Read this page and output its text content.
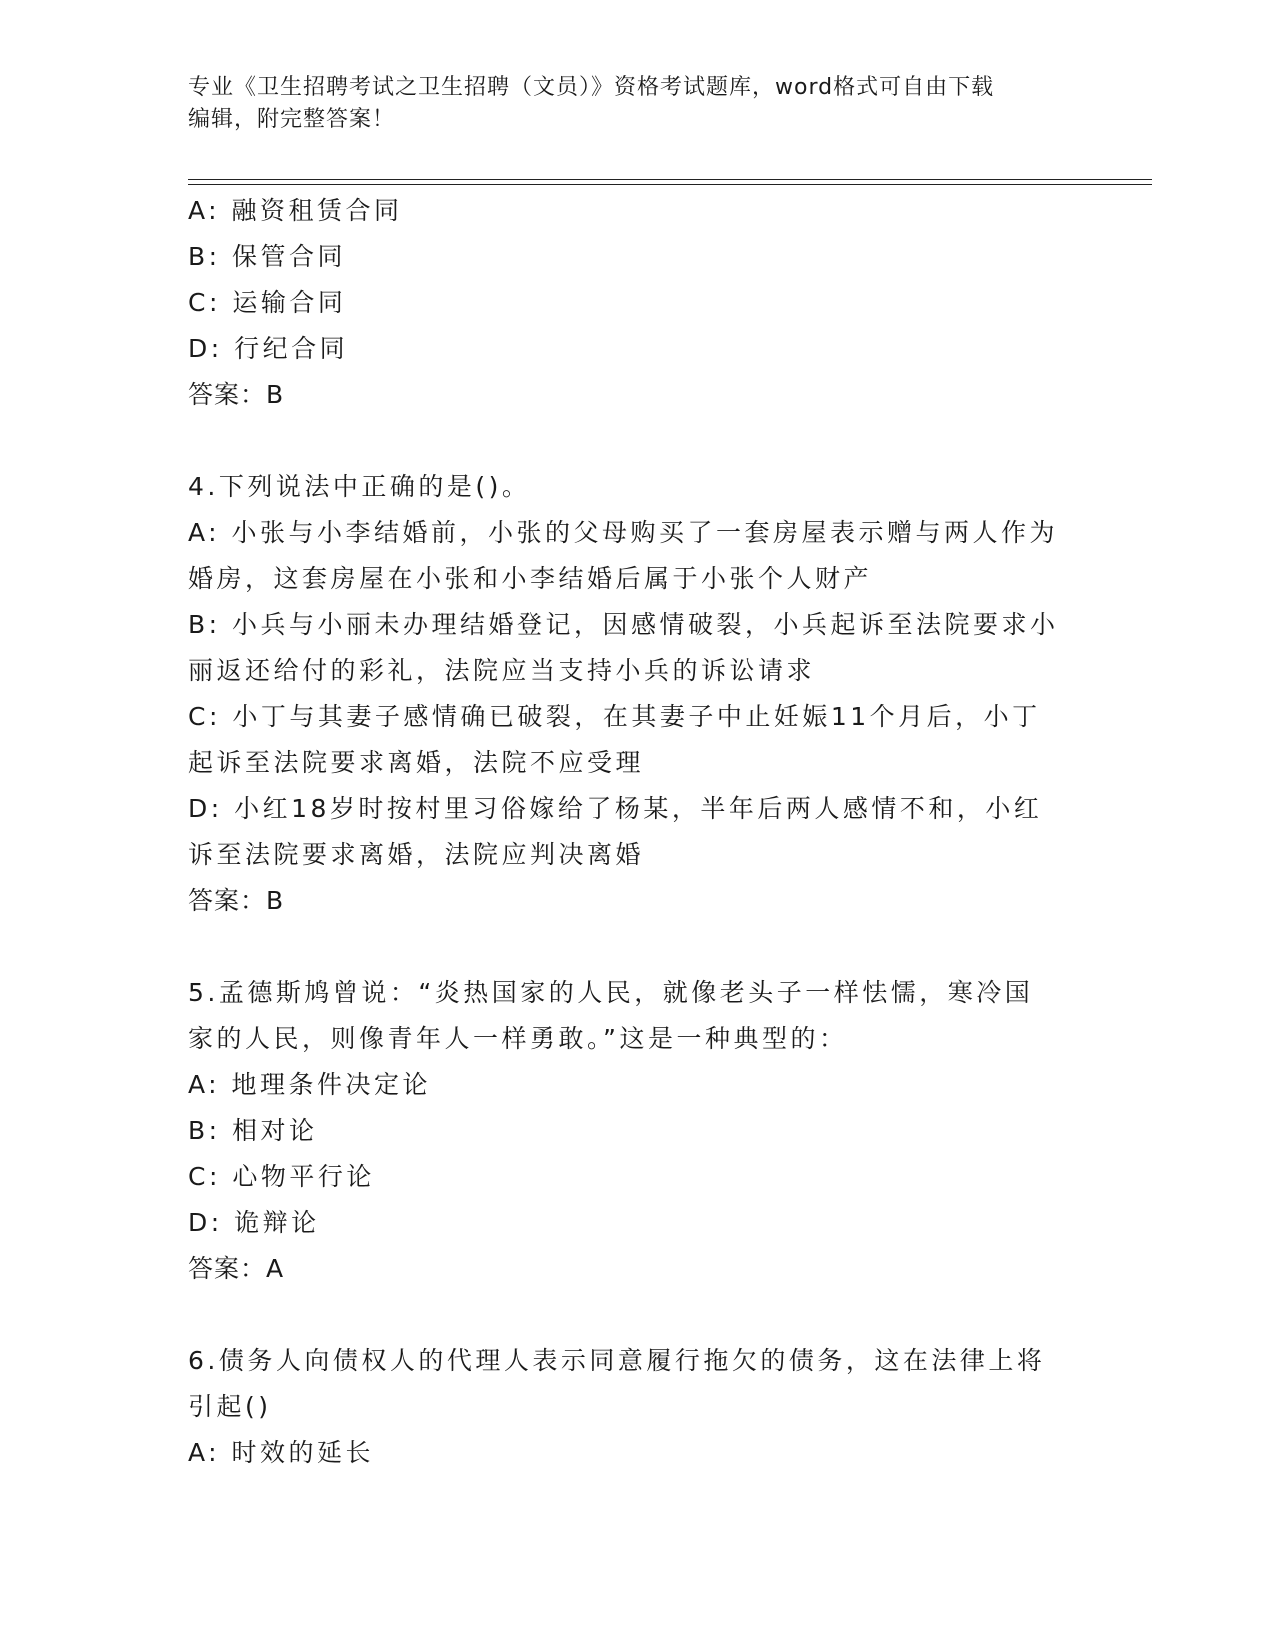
专业《卫生招聘考试之卫生招聘（文员）》资格考试题库，word格式可自由下载
编辑，附完整答案！
A: 融资租赁合同
B: 保管合同
C: 运输合同
D: 行纪合同
答案：B
4.下列说法中正确的是()。
A: 小张与小李结婚前，小张的父母购买了一套房屋表示赠与两人作为
婚房，这套房屋在小张和小李结婚后属于小张个人财产
B: 小兵与小丽未办理结婚登记，因感情破裂，小兵起诉至法院要求小
丽返还给付的彩礼，法院应当支持小兵的诉讼请求
C: 小丁与其妻子感情确已破裂，在其妻子中止妊娠11个月后，小丁
起诉至法院要求离婚，法院不应受理
D: 小红18岁时按村里习俗嫁给了杨某，半年后两人感情不和，小红
诉至法院要求离婚，法院应判决离婚
答案：B
5.孟德斯鸠曾说：“炎热国家的人民，就像老头子一样怯懦，寒冷国
家的人民，则像青年人一样勇敢。”这是一种典型的：
A: 地理条件决定论
B: 相对论
C: 心物平行论
D: 诡辩论
答案：A
6.债务人向债权人的代理人表示同意履行拖欠的债务，这在法律上将
引起()
A: 时效的延长
